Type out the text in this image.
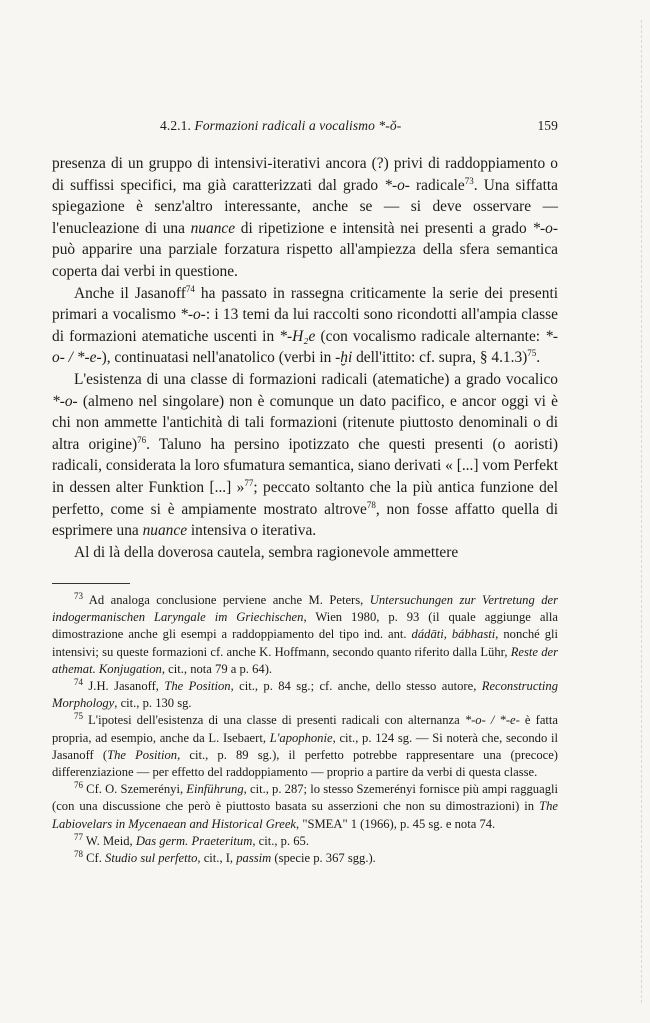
4.2.1. Formazioni radicali a vocalismo *-ŏ-	159

presenza di un gruppo di intensivi-iterativi ancora (?) privi di raddoppiamento o di suffissi specifici, ma già caratterizzati dal grado *-o- radicale$^{73}$. Una siffatta spiegazione è senz'altro interessante, anche se — si deve osservare — l'enucleazione di una nuance di ripetizione e intensità nei presenti a grado *-o- può apparire una parziale forzatura rispetto all'ampiezza della sfera semantica coperta dai verbi in questione.

Anche il Jasanoff$^{74}$ ha passato in rassegna criticamente la serie dei presenti primari a vocalismo *-o-: i 13 temi da lui raccolti sono ricondotti all'ampia classe di formazioni atematiche uscenti in *-H₂e (con vocalismo radicale alternante: *-o- / *-e-), continuatasi nell'anatolico (verbi in -ḫi dell'ittito: cf. supra, § 4.1.3)$^{75}$.

L'esistenza di una classe di formazioni radicali (atematiche) a grado vocalico *-o- (almeno nel singolare) non è comunque un dato pacifico, e ancor oggi vi è chi non ammette l'antichità di tali formazioni (ritenute piuttosto denominali o di altra origine)$^{76}$. Taluno ha persino ipotizzato che questi presenti (o aoristi) radicali, considerata la loro sfumatura semantica, siano derivati « [...] vom Perfekt in dessen alter Funktion [...] »$^{77}$; peccato soltanto che la più antica funzione del perfetto, come si è ampiamente mostrato altrove$^{78}$, non fosse affatto quella di esprimere una nuance intensiva o iterativa.

Al di là della doverosa cautela, sembra ragionevole ammettere

$^{73}$ Ad analoga conclusione perviene anche M. Peters, Untersuchungen zur Vertretung der indogermanischen Laryngale im Griechischen, Wien 1980, p. 93 (il quale aggiunge alla dimostrazione anche gli esempi a raddoppiamento del tipo ind. ant. dádāti, bábhasti, nonché gli intensivi; su queste formazioni cf. anche K. Hoffmann, secondo quanto riferito dalla Lühr, Reste der athemat. Konjugation, cit., nota 79 a p. 64).

$^{74}$ J.H. Jasanoff, The Position, cit., p. 84 sg.; cf. anche, dello stesso autore, Reconstructing Morphology, cit., p. 130 sg.

$^{75}$ L'ipotesi dell'esistenza di una classe di presenti radicali con alternanza *-o- / *-e- è fatta propria, ad esempio, anche da L. Isebaert, L'apophonie, cit., p. 124 sg. — Si noterà che, secondo il Jasanoff (The Position, cit., p. 89 sg.), il perfetto potrebbe rappresentare una (precoce) differenziazione — per effetto del raddoppiamento — proprio a partire da verbi di questa classe.

$^{76}$ Cf. O. Szemerényi, Einführung, cit., p. 287; lo stesso Szemerényi fornisce più ampi ragguagli (con una discussione che però è piuttosto basata su asserzioni che non su dimostrazioni) in The Labiovelars in Mycenaean and Historical Greek, "SMEA" 1 (1966), p. 45 sg. e nota 74.

$^{77}$ W. Meid, Das germ. Praeteritum, cit., p. 65.

$^{78}$ Cf. Studio sul perfetto, cit., I, passim (specie p. 367 sgg.).
